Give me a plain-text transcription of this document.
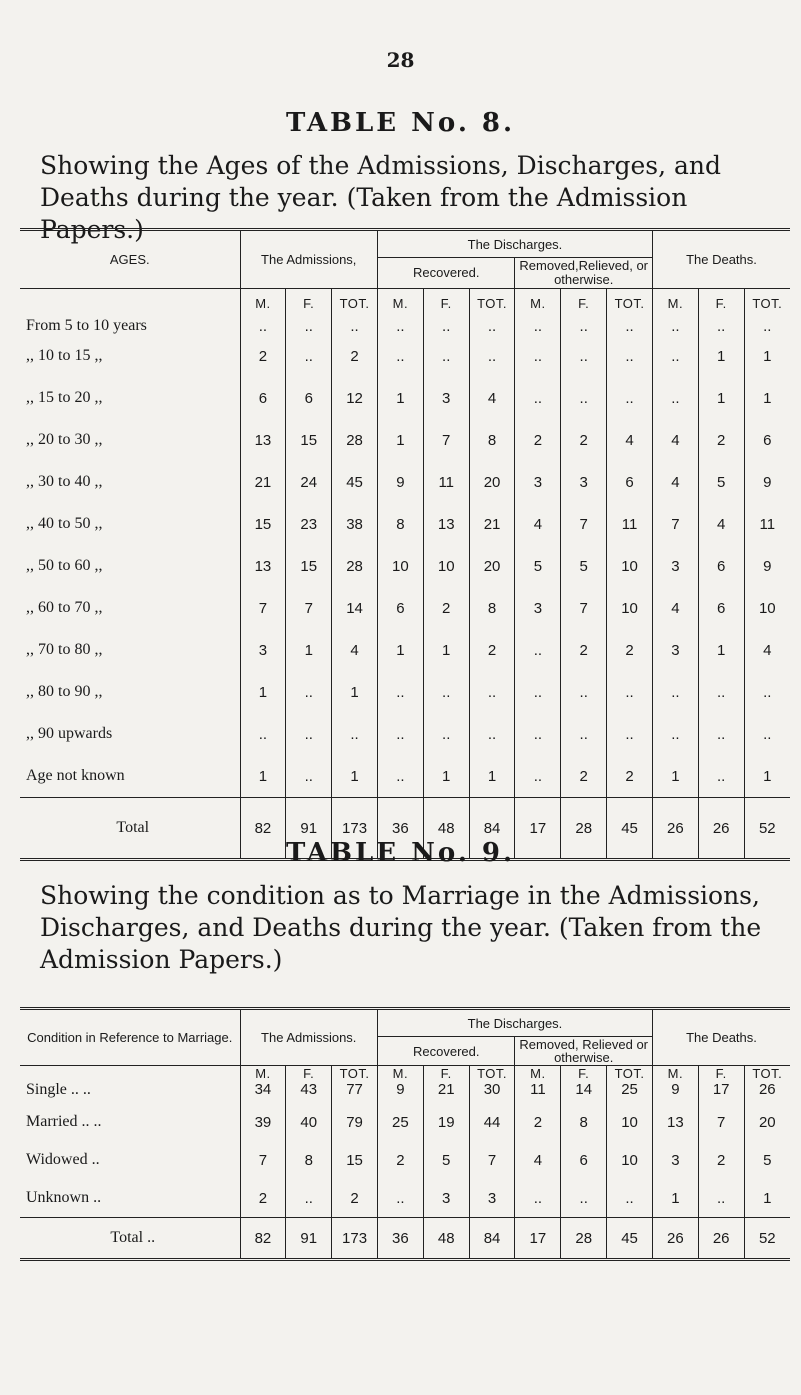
28
TABLE No. 8.
Showing the Ages of the Admissions, Discharges, and Deaths during the year. (Taken from the Admission Papers.)
AGES.	The Admissions,			The Discharges.						The Deaths.		
				Recovered.			Removed,Relieved, or otherwise.					
	M.	F.	TOT.	M.	F.	TOT.	M.	F.	TOT.	M.	F.	TOT.
From 5 to 10 years	..	..	..	..	..	..	..	..	..	..	..	..
,, 10 to 15 ,,	2	..	2	..	..	..	..	..	..	..	1	1
,, 15 to 20 ,,	6	6	12	1	3	4	..	..	..	..	1	1
,, 20 to 30 ,,	13	15	28	1	7	8	2	2	4	4	2	6
,, 30 to 40 ,,	21	24	45	9	11	20	3	3	6	4	5	9
,, 40 to 50 ,,	15	23	38	8	13	21	4	7	11	7	4	11
,, 50 to 60 ,,	13	15	28	10	10	20	5	5	10	3	6	9
,, 60 to 70 ,,	7	7	14	6	2	8	3	7	10	4	6	10
,, 70 to 80 ,,	3	1	4	1	1	2	..	2	2	3	1	4
,, 80 to 90 ,,	1	..	1	..	..	..	..	..	..	..	..	..
,, 90 upwards	..	..	..	..	..	..	..	..	..	..	..	..
Age not known	1	..	1	..	1	1	..	2	2	1	..	1
Total	82	91	173	36	48	84	17	28	45	26	26	52
TABLE No. 9.
Showing the condition as to Marriage in the Admissions, Discharges, and Deaths during the year. (Taken from the Admission Papers.)
Condition in Reference to Marriage.	The Admissions.			The Discharges.						The Deaths.		
				Recovered.			Removed, Relieved or otherwise.					
	M.	F.	TOT.	M.	F.	TOT.	M.	F.	TOT.	M.	F.	TOT.
Single .. ..	34	43	77	9	21	30	11	14	25	9	17	26
Married .. ..	39	40	79	25	19	44	2	8	10	13	7	20
Widowed ..	7	8	15	2	5	7	4	6	10	3	2	5
Unknown ..	2	..	2	..	3	3	..	..	..	1	..	1
Total ..	82	91	173	36	48	84	17	28	45	26	26	52
